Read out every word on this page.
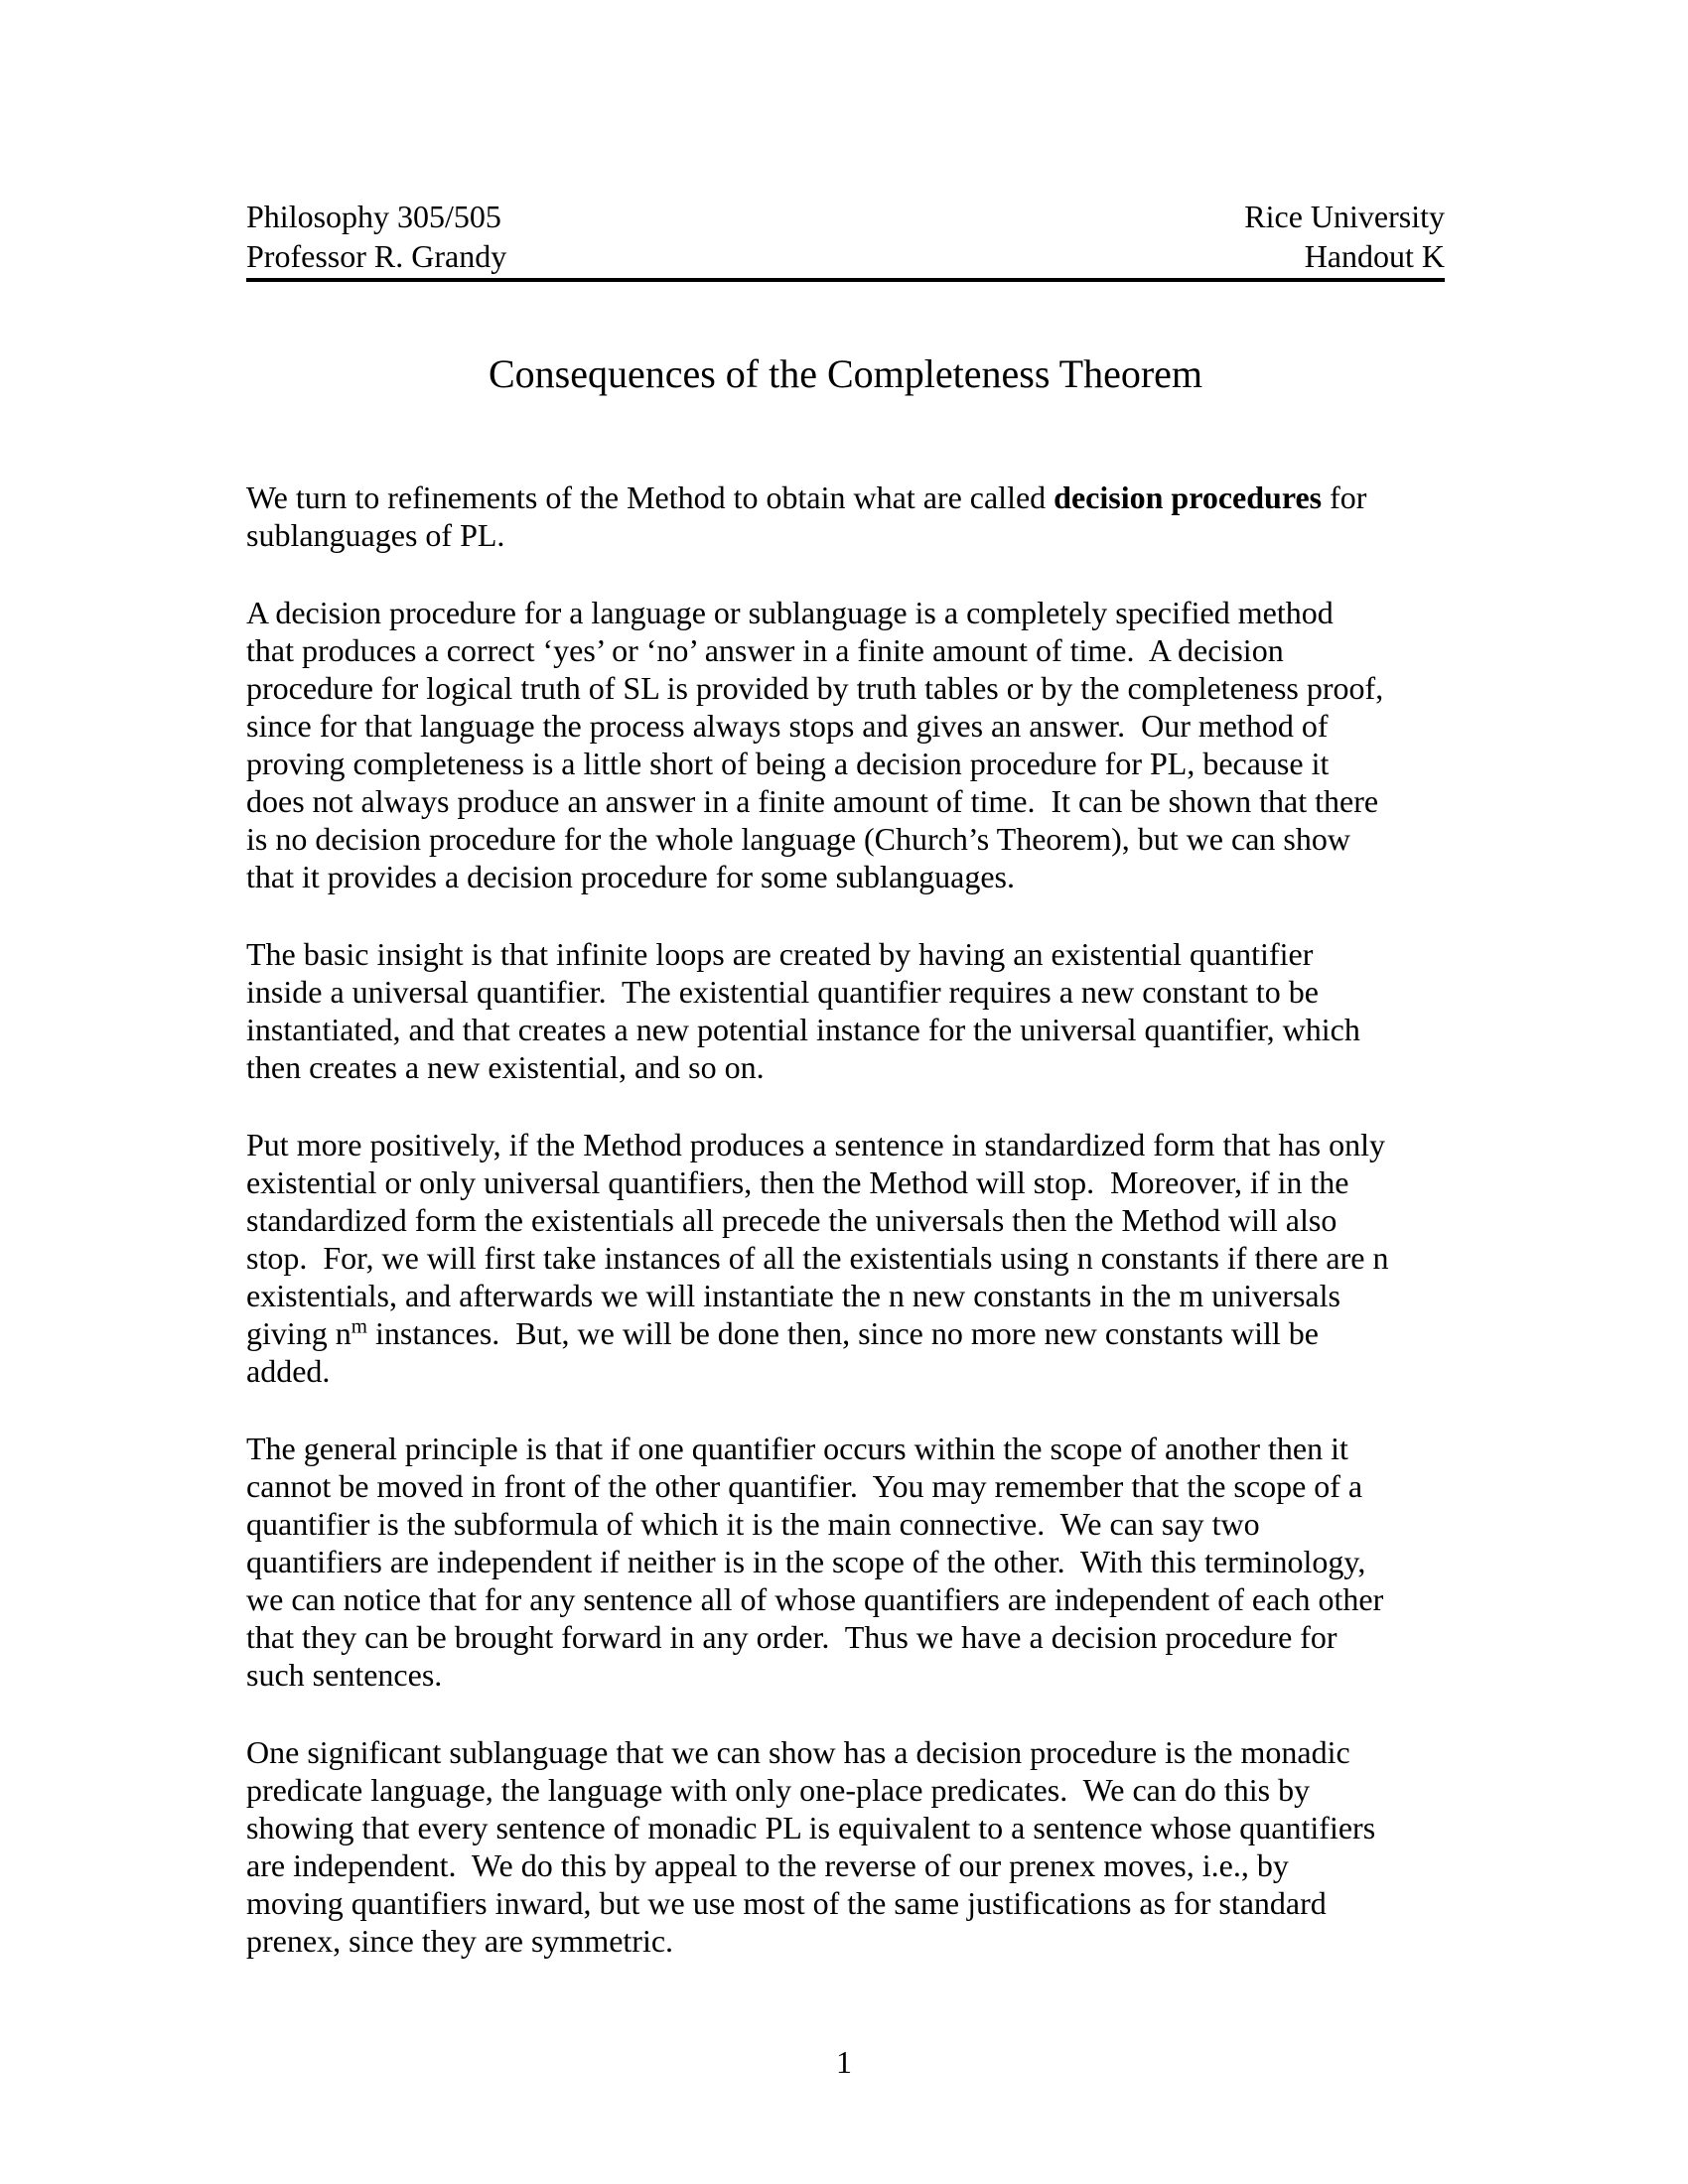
Philosophy 305/505	Rice University
Professor R. Grandy	Handout K
Consequences of the Completeness Theorem

We turn to refinements of the Method to obtain what are called decision procedures for
sublanguages of PL.

A decision procedure for a language or sublanguage is a completely specified method
that produces a correct ‘yes’ or ‘no’ answer in a finite amount of time.  A decision
procedure for logical truth of SL is provided by truth tables or by the completeness proof,
since for that language the process always stops and gives an answer.  Our method of
proving completeness is a little short of being a decision procedure for PL, because it
does not always produce an answer in a finite amount of time.  It can be shown that there
is no decision procedure for the whole language (Church’s Theorem), but we can show
that it provides a decision procedure for some sublanguages.

The basic insight is that infinite loops are created by having an existential quantifier
inside a universal quantifier.  The existential quantifier requires a new constant to be
instantiated, and that creates a new potential instance for the universal quantifier, which
then creates a new existential, and so on.

Put more positively, if the Method produces a sentence in standardized form that has only
existential or only universal quantifiers, then the Method will stop.  Moreover, if in the
standardized form the existentials all precede the universals then the Method will also
stop.  For, we will first take instances of all the existentials using n constants if there are n
existentials, and afterwards we will instantiate the n new constants in the m universals
giving $n^m$ instances.  But, we will be done then, since no more new constants will be
added.

The general principle is that if one quantifier occurs within the scope of another then it
cannot be moved in front of the other quantifier.  You may remember that the scope of a
quantifier is the subformula of which it is the main connective.  We can say two
quantifiers are independent if neither is in the scope of the other.  With this terminology,
we can notice that for any sentence all of whose quantifiers are independent of each other
that they can be brought forward in any order.  Thus we have a decision procedure for
such sentences.

One significant sublanguage that we can show has a decision procedure is the monadic
predicate language, the language with only one-place predicates.  We can do this by
showing that every sentence of monadic PL is equivalent to a sentence whose quantifiers
are independent.  We do this by appeal to the reverse of our prenex moves, i.e., by
moving quantifiers inward, but we use most of the same justifications as for standard
prenex, since they are symmetric.

1
